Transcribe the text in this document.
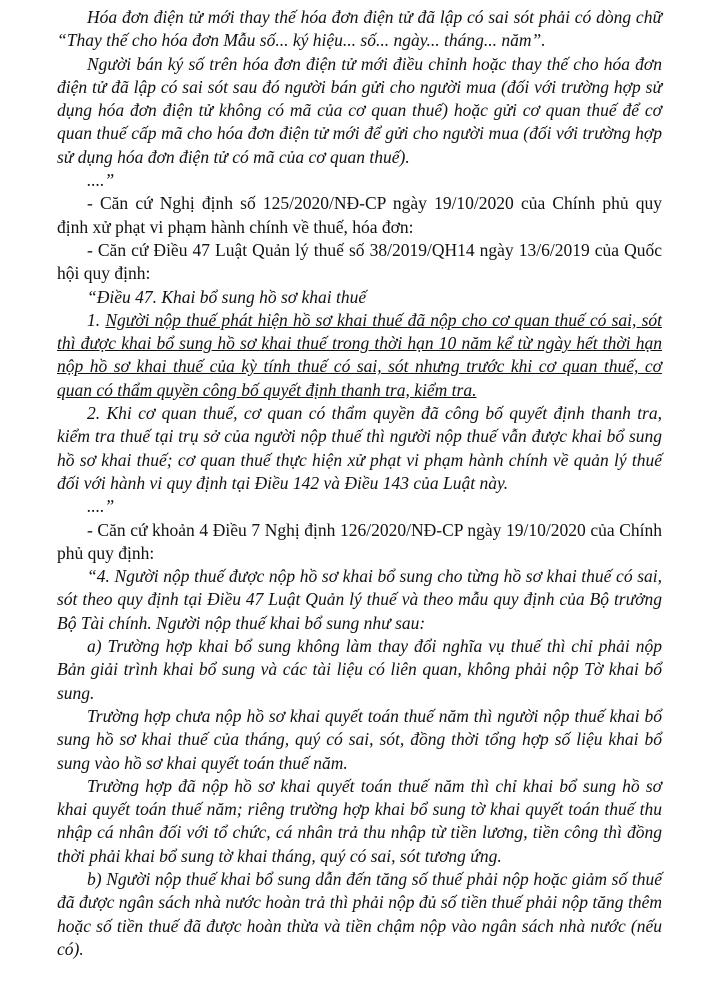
Hóa đơn điện tử mới thay thế hóa đơn điện tử đã lập có sai sót phải có dòng chữ “Thay thế cho hóa đơn Mẫu số... ký hiệu... số... ngày... tháng... năm”.

Người bán ký số trên hóa đơn điện tử mới điều chỉnh hoặc thay thế cho hóa đơn điện tử đã lập có sai sót sau đó người bán gửi cho người mua (đối với trường hợp sử dụng hóa đơn điện tử không có mã của cơ quan thuế) hoặc gửi cơ quan thuế để cơ quan thuế cấp mã cho hóa đơn điện tử mới để gửi cho người mua (đối với trường hợp sử dụng hóa đơn điện tử có mã của cơ quan thuế).

....”

- Căn cứ Nghị định số 125/2020/NĐ-CP ngày 19/10/2020 của Chính phủ quy định xử phạt vi phạm hành chính về thuế, hóa đơn:

- Căn cứ Điều 47 Luật Quản lý thuế số 38/2019/QH14 ngày 13/6/2019 của Quốc hội quy định:

“Điều 47. Khai bổ sung hồ sơ khai thuế

1. Người nộp thuế phát hiện hồ sơ khai thuế đã nộp cho cơ quan thuế có sai, sót thì được khai bổ sung hồ sơ khai thuế trong thời hạn 10 năm kể từ ngày hết thời hạn nộp hồ sơ khai thuế của kỳ tính thuế có sai, sót nhưng trước khi cơ quan thuế, cơ quan có thẩm quyền công bố quyết định thanh tra, kiểm tra.

2. Khi cơ quan thuế, cơ quan có thẩm quyền đã công bố quyết định thanh tra, kiểm tra thuế tại trụ sở của người nộp thuế thì người nộp thuế vẫn được khai bổ sung hồ sơ khai thuế; cơ quan thuế thực hiện xử phạt vi phạm hành chính về quản lý thuế đối với hành vi quy định tại Điều 142 và Điều 143 của Luật này.

....”

- Căn cứ khoản 4 Điều 7 Nghị định 126/2020/NĐ-CP ngày 19/10/2020 của Chính phủ quy định:

“4. Người nộp thuế được nộp hồ sơ khai bổ sung cho từng hồ sơ khai thuế có sai, sót theo quy định tại Điều 47 Luật Quản lý thuế và theo mẫu quy định của Bộ trưởng Bộ Tài chính. Người nộp thuế khai bổ sung như sau:

a) Trường hợp khai bổ sung không làm thay đổi nghĩa vụ thuế thì chỉ phải nộp Bản giải trình khai bổ sung và các tài liệu có liên quan, không phải nộp Tờ khai bổ sung.

Trường hợp chưa nộp hồ sơ khai quyết toán thuế năm thì người nộp thuế khai bổ sung hồ sơ khai thuế của tháng, quý có sai, sót, đồng thời tổng hợp số liệu khai bổ sung vào hồ sơ khai quyết toán thuế năm.

Trường hợp đã nộp hồ sơ khai quyết toán thuế năm thì chỉ khai bổ sung hồ sơ khai quyết toán thuế năm; riêng trường hợp khai bổ sung tờ khai quyết toán thuế thu nhập cá nhân đối với tổ chức, cá nhân trả thu nhập từ tiền lương, tiền công thì đồng thời phải khai bổ sung tờ khai tháng, quý có sai, sót tương ứng.

b) Người nộp thuế khai bổ sung dẫn đến tăng số thuế phải nộp hoặc giảm số thuế đã được ngân sách nhà nước hoàn trả thì phải nộp đủ số tiền thuế phải nộp tăng thêm hoặc số tiền thuế đã được hoàn thừa và tiền chậm nộp vào ngân sách nhà nước (nếu có).
